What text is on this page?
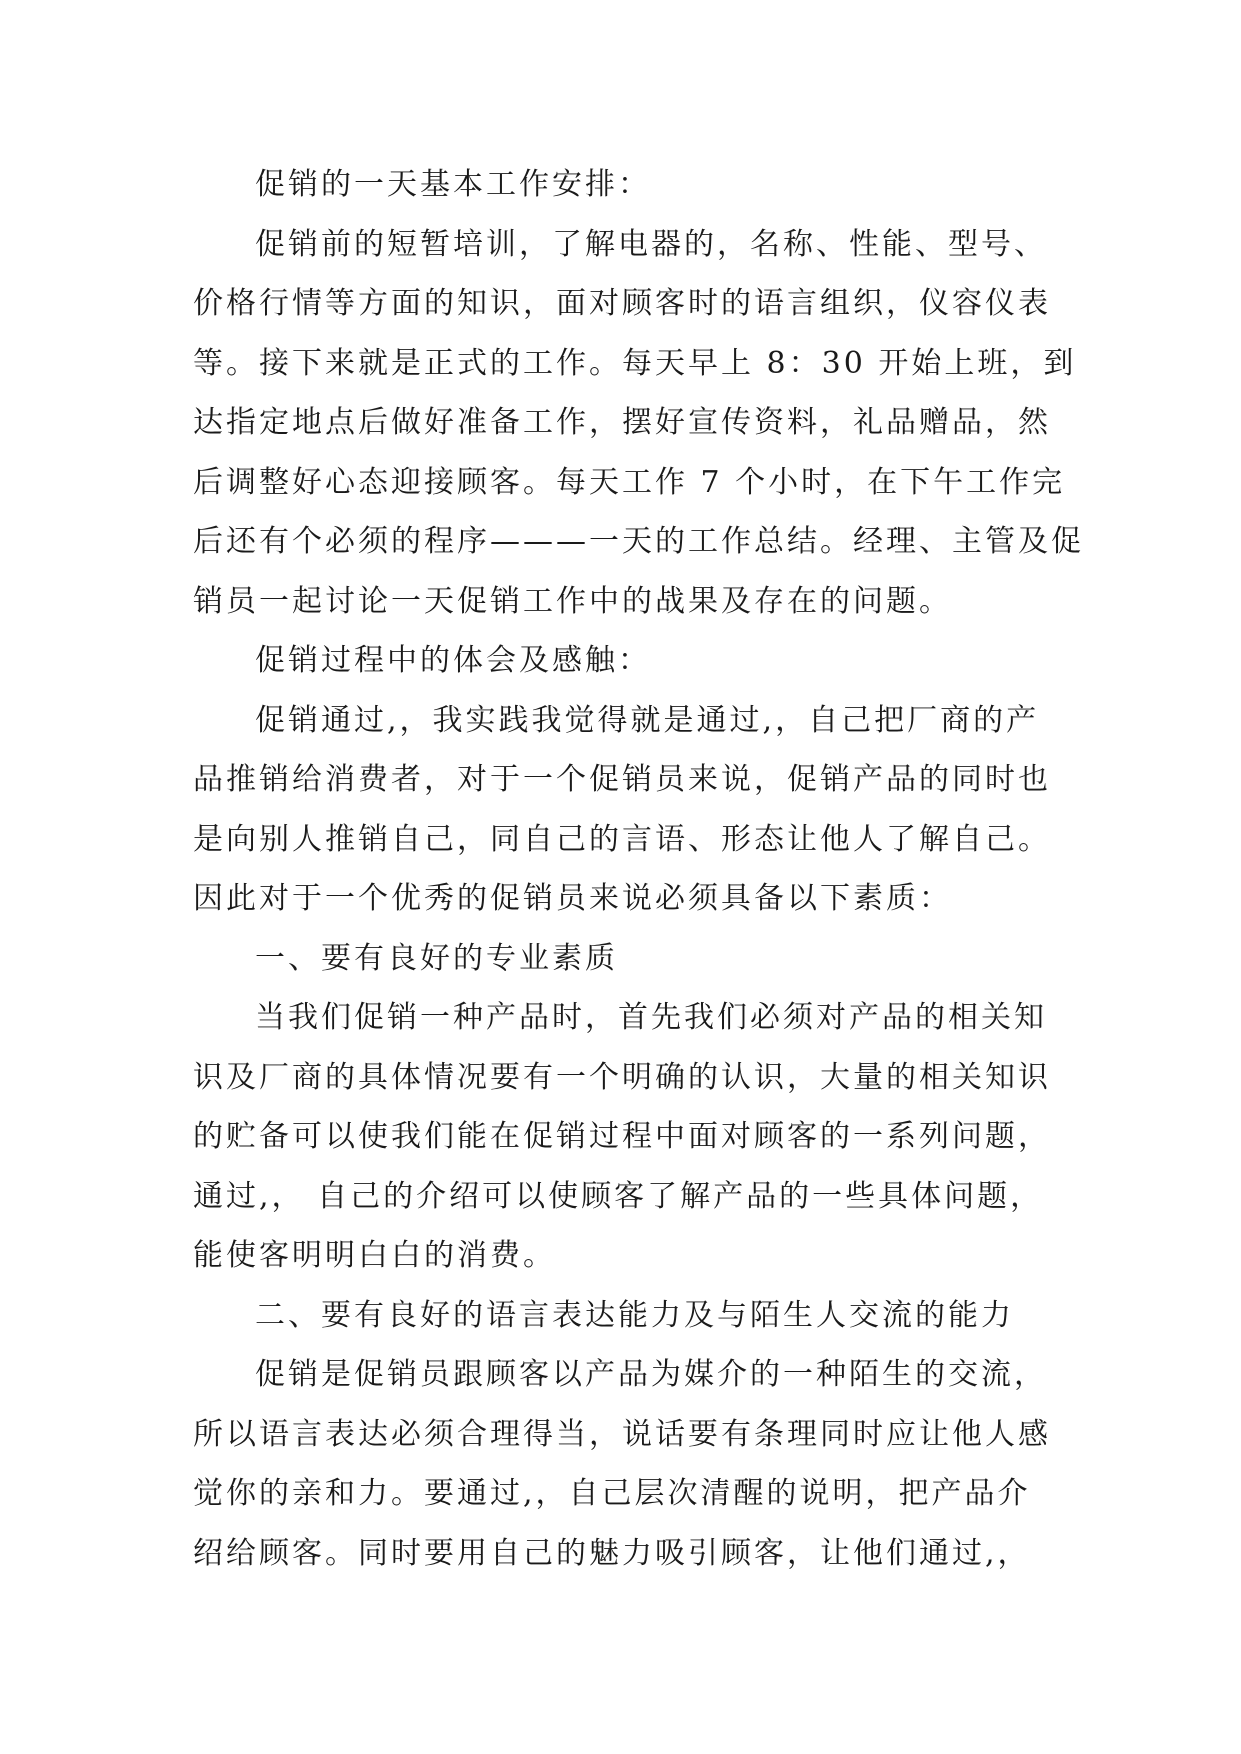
促销的一天基本工作安排：
促销前的短暂培训，了解电器的，名称、性能、型号、
价格行情等方面的知识，面对顾客时的语言组织，仪容仪表
等。接下来就是正式的工作。每天早上 8：30 开始上班，到
达指定地点后做好准备工作，摆好宣传资料，礼品赠品，然
后调整好心态迎接顾客。每天工作 7 个小时，在下午工作完
后还有个必须的程序———一天的工作总结。经理、主管及促
销员一起讨论一天促销工作中的战果及存在的问题。
促销过程中的体会及感触：
促销通过,，我实践我觉得就是通过,，自己把厂商的产
品推销给消费者，对于一个促销员来说，促销产品的同时也
是向别人推销自己，同自己的言语、形态让他人了解自己。
因此对于一个优秀的促销员来说必须具备以下素质：
一、要有良好的专业素质
当我们促销一种产品时，首先我们必须对产品的相关知
识及厂商的具体情况要有一个明确的认识，大量的相关知识
的贮备可以使我们能在促销过程中面对顾客的一系列问题，
通过,， 自己的介绍可以使顾客了解产品的一些具体问题，
能使客明明白白的消费。
二、要有良好的语言表达能力及与陌生人交流的能力
促销是促销员跟顾客以产品为媒介的一种陌生的交流，
所以语言表达必须合理得当，说话要有条理同时应让他人感
觉你的亲和力。要通过,，自己层次清醒的说明，把产品介
绍给顾客。同时要用自己的魅力吸引顾客，让他们通过,，
